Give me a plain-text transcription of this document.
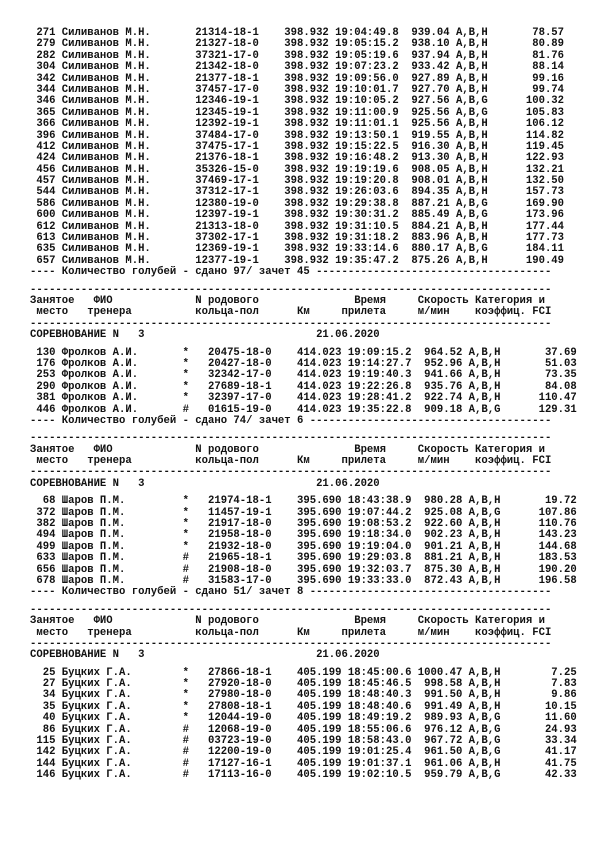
271 Силиванов М.Н.       21314-18-1    398.932 19:04:49.8  939.04 A,B,H       78.57
279 Силиванов М.Н.       21327-18-0    398.932 19:05:15.2  938.10 A,B,H       80.89
282 Силиванов М.Н.       37321-17-0    398.932 19:05:19.6  937.94 A,B,H       81.76
304 Силиванов М.Н.       21342-18-0    398.932 19:07:23.2  933.42 A,B,H       88.14
342 Силиванов М.Н.       21377-18-1    398.932 19:09:56.0  927.89 A,B,H       99.16
344 Силиванов М.Н.       37457-17-0    398.932 19:10:01.7  927.70 A,B,H       99.74
346 Силиванов М.Н.       12346-19-1    398.932 19:10:05.2  927.56 A,B,G      100.32
365 Силиванов М.Н.       12345-19-1    398.932 19:11:00.9  925.56 A,B,G      105.83
366 Силиванов М.Н.       12392-19-1    398.932 19:11:01.1  925.56 A,B,H      106.12
396 Силиванов М.Н.       37484-17-0    398.932 19:13:50.1  919.55 A,B,H      114.82
412 Силиванов М.Н.       37475-17-1    398.932 19:15:22.5  916.30 A,B,H      119.45
424 Силиванов М.Н.       21376-18-1    398.932 19:16:48.2  913.30 A,B,H      122.93
456 Силиванов М.Н.       35326-15-0    398.932 19:19:19.6  908.05 A,B,H      132.21
457 Силиванов М.Н.       37469-17-1    398.932 19:19:20.8  908.01 A,B,H      132.50
544 Силиванов М.Н.       37312-17-1    398.932 19:26:03.6  894.35 A,B,H      157.73
586 Силиванов М.Н.       12380-19-0    398.932 19:29:38.8  887.21 A,B,G      169.90
600 Силиванов М.Н.       12397-19-1    398.932 19:30:31.2  885.49 A,B,G      173.96
612 Силиванов М.Н.       21313-18-0    398.932 19:31:10.5  884.21 A,B,H      177.44
613 Силиванов М.Н.       37302-17-1    398.932 19:31:18.2  883.96 A,B,H      177.73
635 Силиванов М.Н.       12369-19-1    398.932 19:33:14.6  880.17 A,B,G      184.11
657 Силиванов М.Н.       12377-19-1    398.932 19:35:47.2  875.26 A,B,H      190.49
---- Количество голубей - сдано 97/ зачет 45 -------------------------------------
----------------------------------------------------------------------------------
Занятое   ФИО             N родового               Время     Скорость Категория и
место   тренера          кольца-пол      Км     прилета     м/мин    коэффиц. FCI
----------------------------------------------------------------------------------
СОРЕВНОВАНИЕ N   3                           21.06.2020
130 Фролков А.И.       *   20475-18-0    414.023 19:09:15.2  964.52 A,B,H       37.69
176 Фролков А.И.       *   20427-18-0    414.023 19:14:27.7  952.96 A,B,H       51.03
253 Фролков А.И.       *   32342-17-0    414.023 19:19:40.3  941.66 A,B,H       73.35
290 Фролков А.И.       *   27689-18-1    414.023 19:22:26.8  935.76 A,B,H       84.08
381 Фролков А.И.       *   32397-17-0    414.023 19:28:41.2  922.74 A,B,H      110.47
446 Фролков А.И.       #   01615-19-0    414.023 19:35:22.8  909.18 A,B,G      129.31
---- Количество голубей - сдано 74/ зачет 6 --------------------------------------
----------------------------------------------------------------------------------
Занятое   ФИО             N родового               Время     Скорость Категория и
место   тренера          кольца-пол      Км     прилета     м/мин    коэффиц. FCI
----------------------------------------------------------------------------------
СОРЕВНОВАНИЕ N   3                           21.06.2020
68 Шаров П.М.         *   21974-18-1    395.690 18:43:38.9  980.28 A,B,H       19.72
372 Шаров П.М.         *   11457-19-1    395.690 19:07:44.2  925.08 A,B,G      107.86
382 Шаров П.М.         *   21917-18-0    395.690 19:08:53.2  922.60 A,B,H      110.76
494 Шаров П.М.         *   21958-18-0    395.690 19:18:34.0  902.23 A,B,H      143.23
499 Шаров П.М.         *   21932-18-0    395.690 19:19:04.0  901.21 A,B,H      144.68
633 Шаров П.М.         #   21965-18-1    395.690 19:29:03.8  881.21 A,B,H      183.53
656 Шаров П.М.         #   21908-18-0    395.690 19:32:03.7  875.30 A,B,H      190.20
678 Шаров П.М.         #   31583-17-0    395.690 19:33:33.0  872.43 A,B,H      196.58
---- Количество голубей - сдано 51/ зачет 8 --------------------------------------
----------------------------------------------------------------------------------
Занятое   ФИО             N родового               Время     Скорость Категория и
место   тренера          кольца-пол      Км     прилета     м/мин    коэффиц. FCI
----------------------------------------------------------------------------------
СОРЕВНОВАНИЕ N   3                           21.06.2020
25 Буцких Г.А.        *   27866-18-1    405.199 18:45:00.6 1000.47 A,B,H        7.25
27 Буцких Г.А.        *   27920-18-0    405.199 18:45:46.5  998.58 A,B,H        7.83
34 Буцких Г.А.        *   27980-18-0    405.199 18:48:40.3  991.50 A,B,H        9.86
35 Буцких Г.А.        *   27808-18-1    405.199 18:48:40.6  991.49 A,B,H       10.15
40 Буцких Г.А.        *   12044-19-0    405.199 18:49:19.2  989.93 A,B,G       11.60
86 Буцких Г.А.        #   12068-19-0    405.199 18:55:06.6  976.12 A,B,G       24.93
115 Буцких Г.А.        #   03723-19-0    405.199 18:58:43.0  967.72 A,B,G       33.34
142 Буцких Г.А.        #   12200-19-0    405.199 19:01:25.4  961.50 A,B,G       41.17
144 Буцких Г.А.        #   17127-16-1    405.199 19:01:37.1  961.06 A,B,H       41.75
146 Буцких Г.А.        #   17113-16-0    405.199 19:02:10.5  959.79 A,B,G       42.33
